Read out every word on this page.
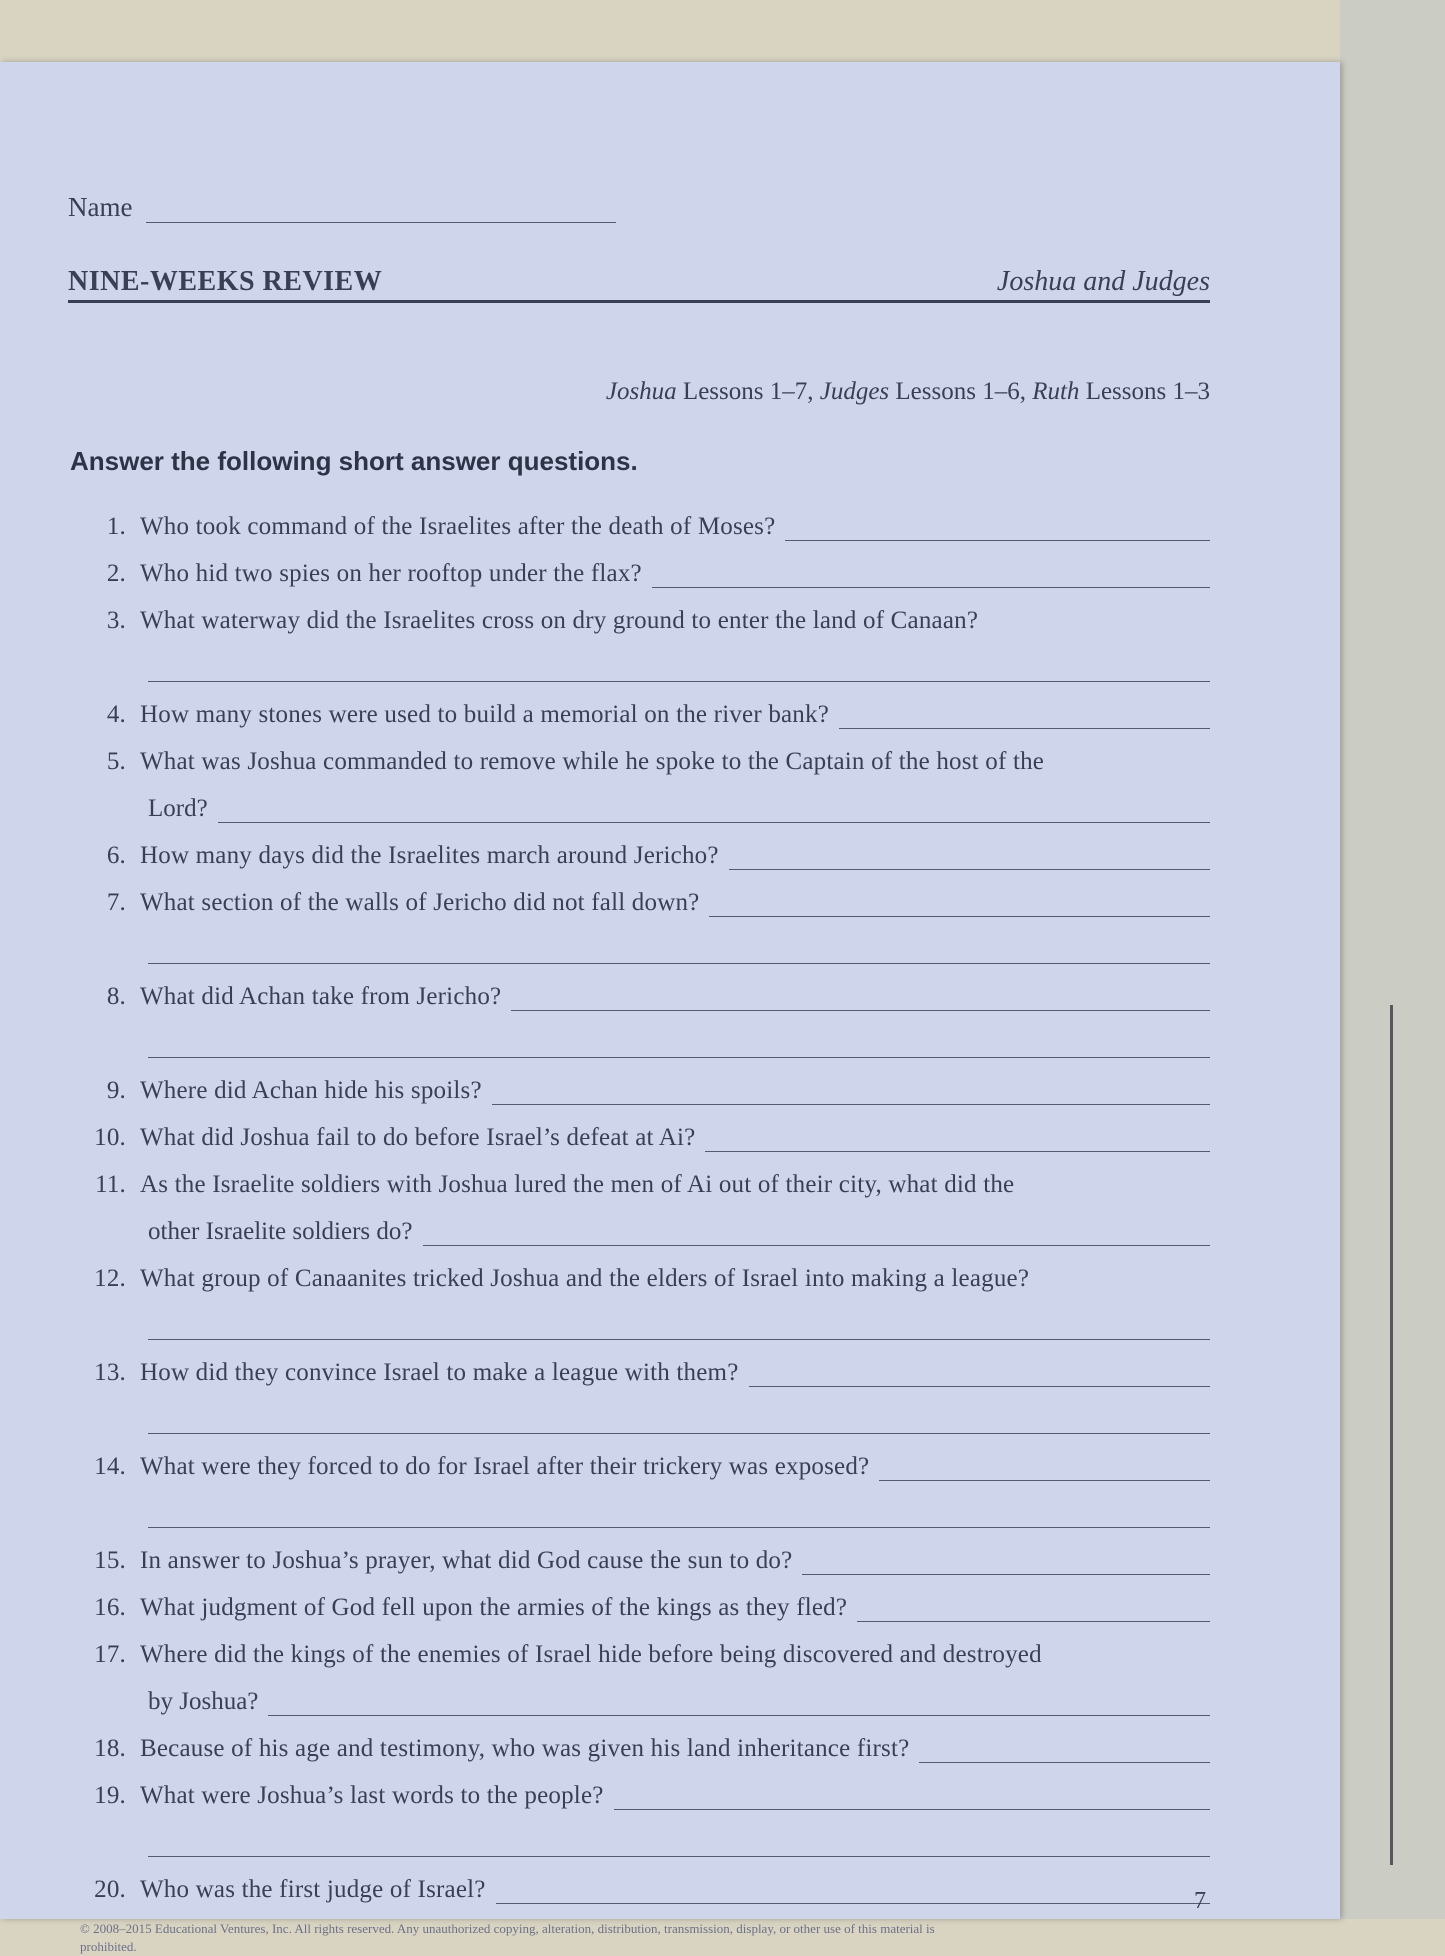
Name
NINE-WEEKS REVIEW	Joshua and Judges
Joshua Lessons 1–7, Judges Lessons 1–6, Ruth Lessons 1–3
Answer the following short answer questions.
1. Who took command of the Israelites after the death of Moses?
2. Who hid two spies on her rooftop under the flax?
3. What waterway did the Israelites cross on dry ground to enter the land of Canaan?
4. How many stones were used to build a memorial on the river bank?
5. What was Joshua commanded to remove while he spoke to the Captain of the host of the
Lord?
6. How many days did the Israelites march around Jericho?
7. What section of the walls of Jericho did not fall down?
8. What did Achan take from Jericho?
9. Where did Achan hide his spoils?
10. What did Joshua fail to do before Israel’s defeat at Ai?
11. As the Israelite soldiers with Joshua lured the men of Ai out of their city, what did the
other Israelite soldiers do?
12. What group of Canaanites tricked Joshua and the elders of Israel into making a league?
13. How did they convince Israel to make a league with them?
14. What were they forced to do for Israel after their trickery was exposed?
15. In answer to Joshua’s prayer, what did God cause the sun to do?
16. What judgment of God fell upon the armies of the kings as they fled?
17. Where did the kings of the enemies of Israel hide before being discovered and destroyed
by Joshua?
18. Because of his age and testimony, who was given his land inheritance first?
19. What were Joshua’s last words to the people?
20. Who was the first judge of Israel?	7
© 2008–2015 Educational Ventures, Inc. All rights reserved. Any unauthorized copying, alteration, distribution, transmission, display, or other use of this material is prohibited.
